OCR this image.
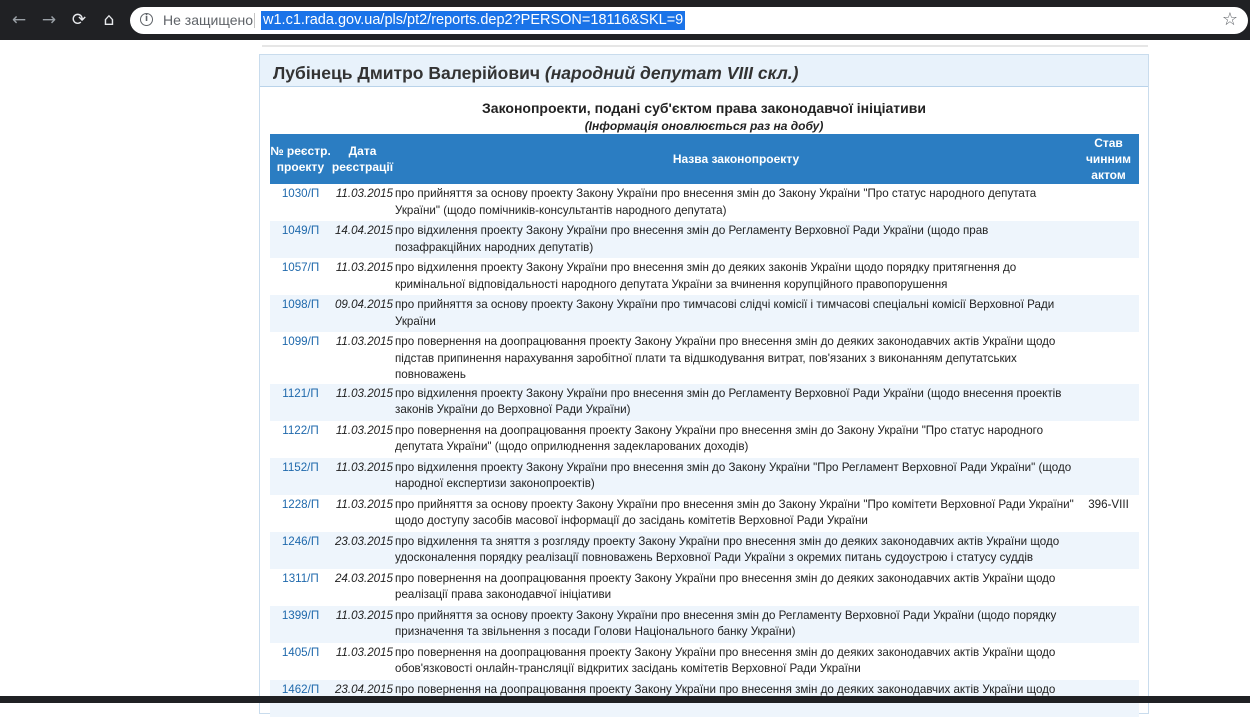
← → ⟳	⌂	i	Не защищено w1.c1.rada.gov.ua/pls/pt2/reports.dep2?PERSON=18116&SKL=9	☆
Лубінець Дмитро Валерійович (народний депутат VIII скл.)
Законопроекти, подані суб'єктом права законодавчої ініціативи
(Інформація оновлюється раз на добу)
№ реєстр. проекту	Дата реєстрації	Назва законопроекту	Став чинним актом
1030/П	11.03.2015	про прийняття за основу проекту Закону України про внесення змін до Закону України "Про статус народного депутата України" (щодо помічників-консультантів народного депутата)	
1049/П	14.04.2015	про відхилення проекту Закону України про внесення змін до Регламенту Верховної Ради України (щодо прав позафракційних народних депутатів)	
1057/П	11.03.2015	про відхилення проекту Закону України про внесення змін до деяких законів України щодо порядку притягнення до кримінальної відповідальності народного депутата України за вчинення корупційного правопорушення	
1098/П	09.04.2015	про прийняття за основу проекту Закону України про тимчасові слідчі комісії і тимчасові спеціальні комісії Верховної Ради України	
1099/П	11.03.2015	про повернення на доопрацювання проекту Закону України про внесення змін до деяких законодавчих актів України щодо підстав припинення нарахування заробітної плати та відшкодування витрат, пов'язаних з виконанням депутатських повноважень	
1121/П	11.03.2015	про відхилення проекту Закону України про внесення змін до Регламенту Верховної Ради України (щодо внесення проектів законів України до Верховної Ради України)	
1122/П	11.03.2015	про повернення на доопрацювання проекту Закону України про внесення змін до Закону України "Про статус народного депутата України" (щодо оприлюднення задекларованих доходів)	
1152/П	11.03.2015	про відхилення проекту Закону України про внесення змін до Закону України "Про Регламент Верховної Ради України" (щодо народної експертизи законопроектів)	
1228/П	11.03.2015	про прийняття за основу проекту Закону України про внесення змін до Закону України "Про комітети Верховної Ради України" щодо доступу засобів масової інформації до засідань комітетів Верховної Ради України	396-VIII
1246/П	23.03.2015	про відхилення та зняття з розгляду проекту Закону України про внесення змін до деяких законодавчих актів України щодо удосконалення порядку реалізації повноважень Верховної Ради України з окремих питань судоустрою і статусу суддів	
1311/П	24.03.2015	про повернення на доопрацювання проекту Закону України про внесення змін до деяких законодавчих актів України щодо реалізації права законодавчої ініціативи	
1399/П	11.03.2015	про прийняття за основу проекту Закону України про внесення змін до Регламенту Верховної Ради України (щодо порядку призначення та звільнення з посади Голови Національного банку України)	
1405/П	11.03.2015	про повернення на доопрацювання проекту Закону України про внесення змін до деяких законодавчих актів України щодо обов'язковості онлайн-трансляції відкритих засідань комітетів Верховної Ради України	
1462/П	23.04.2015	про повернення на доопрацювання проекту Закону України про внесення змін до деяких законодавчих актів України щодо	
